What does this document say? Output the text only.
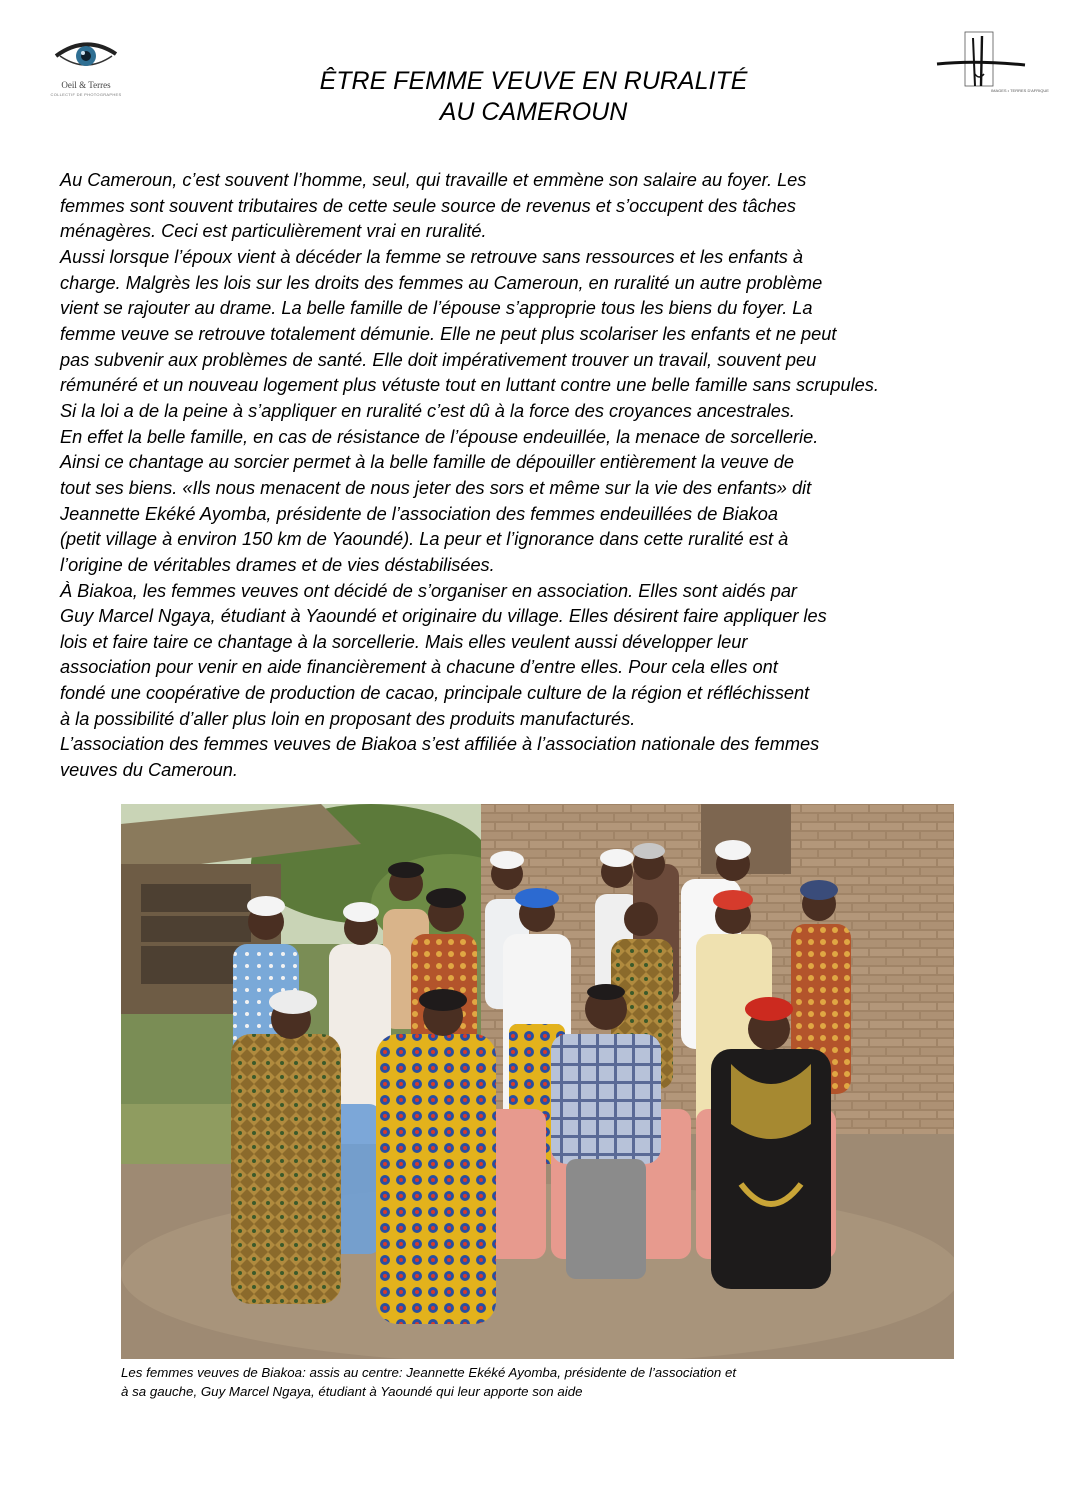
Oeil & Terres
COLLECTIF DE PHOTOGRAPHES
IMAGES • TERRES D'AFRIQUE
ÊTRE FEMME VEUVE EN RURALITÉ
AU CAMEROUN
Au Cameroun, c’est souvent l’homme, seul, qui travaille et emmène son salaire au foyer. Les
femmes sont souvent tributaires de cette seule source de revenus et s’occupent des tâches
ménagères. Ceci est particulièrement vrai en ruralité.
Aussi lorsque l’époux vient à décéder la femme se retrouve sans ressources et les enfants à
charge. Malgrès les lois sur les droits des femmes au Cameroun, en ruralité un autre problème
vient se rajouter au drame. La belle famille de l’épouse s’approprie tous les biens du foyer. La
femme veuve se retrouve totalement démunie. Elle ne peut plus scolariser les enfants et ne peut
pas subvenir aux problèmes de santé. Elle doit impérativement trouver un travail, souvent peu
rémunéré et un nouveau logement plus vétuste tout en luttant contre une belle famille sans scrupules.
Si la loi a de la peine à s’appliquer en ruralité c’est dû à la force des croyances ancestrales.
En effet la belle famille, en cas de résistance de l’épouse endeuillée, la menace de sorcellerie.
Ainsi ce chantage au sorcier permet à la belle famille de dépouiller entièrement la veuve de
tout ses biens. «Ils nous menacent de nous jeter des sors et même sur la vie des enfants» dit
Jeannette Ekéké Ayomba, présidente de l’association des femmes endeuillées de Biakoa
(petit village à environ 150 km de Yaoundé). La peur et l’ignorance dans cette ruralité est à
l’origine de véritables drames et de vies déstabilisées.
À Biakoa, les femmes veuves ont décidé de s’organiser en association. Elles sont aidés par
Guy Marcel Ngaya, étudiant à Yaoundé et originaire du village. Elles désirent faire appliquer les
lois et faire taire ce chantage à la sorcellerie. Mais elles veulent aussi développer leur
association pour venir en aide financièrement à chacune d’entre elles. Pour cela elles ont
fondé une coopérative de production de cacao, principale culture de la région et réfléchissent
à la possibilité d’aller plus loin en proposant des produits manufacturés.
L’association des femmes veuves de Biakoa s’est affiliée à l’association nationale des femmes
veuves du Cameroun.
Les femmes veuves de Biakoa: assis au centre: Jeannette Ekéké Ayomba, présidente de l’association et
à sa gauche, Guy Marcel Ngaya, étudiant à Yaoundé qui leur apporte son aide
